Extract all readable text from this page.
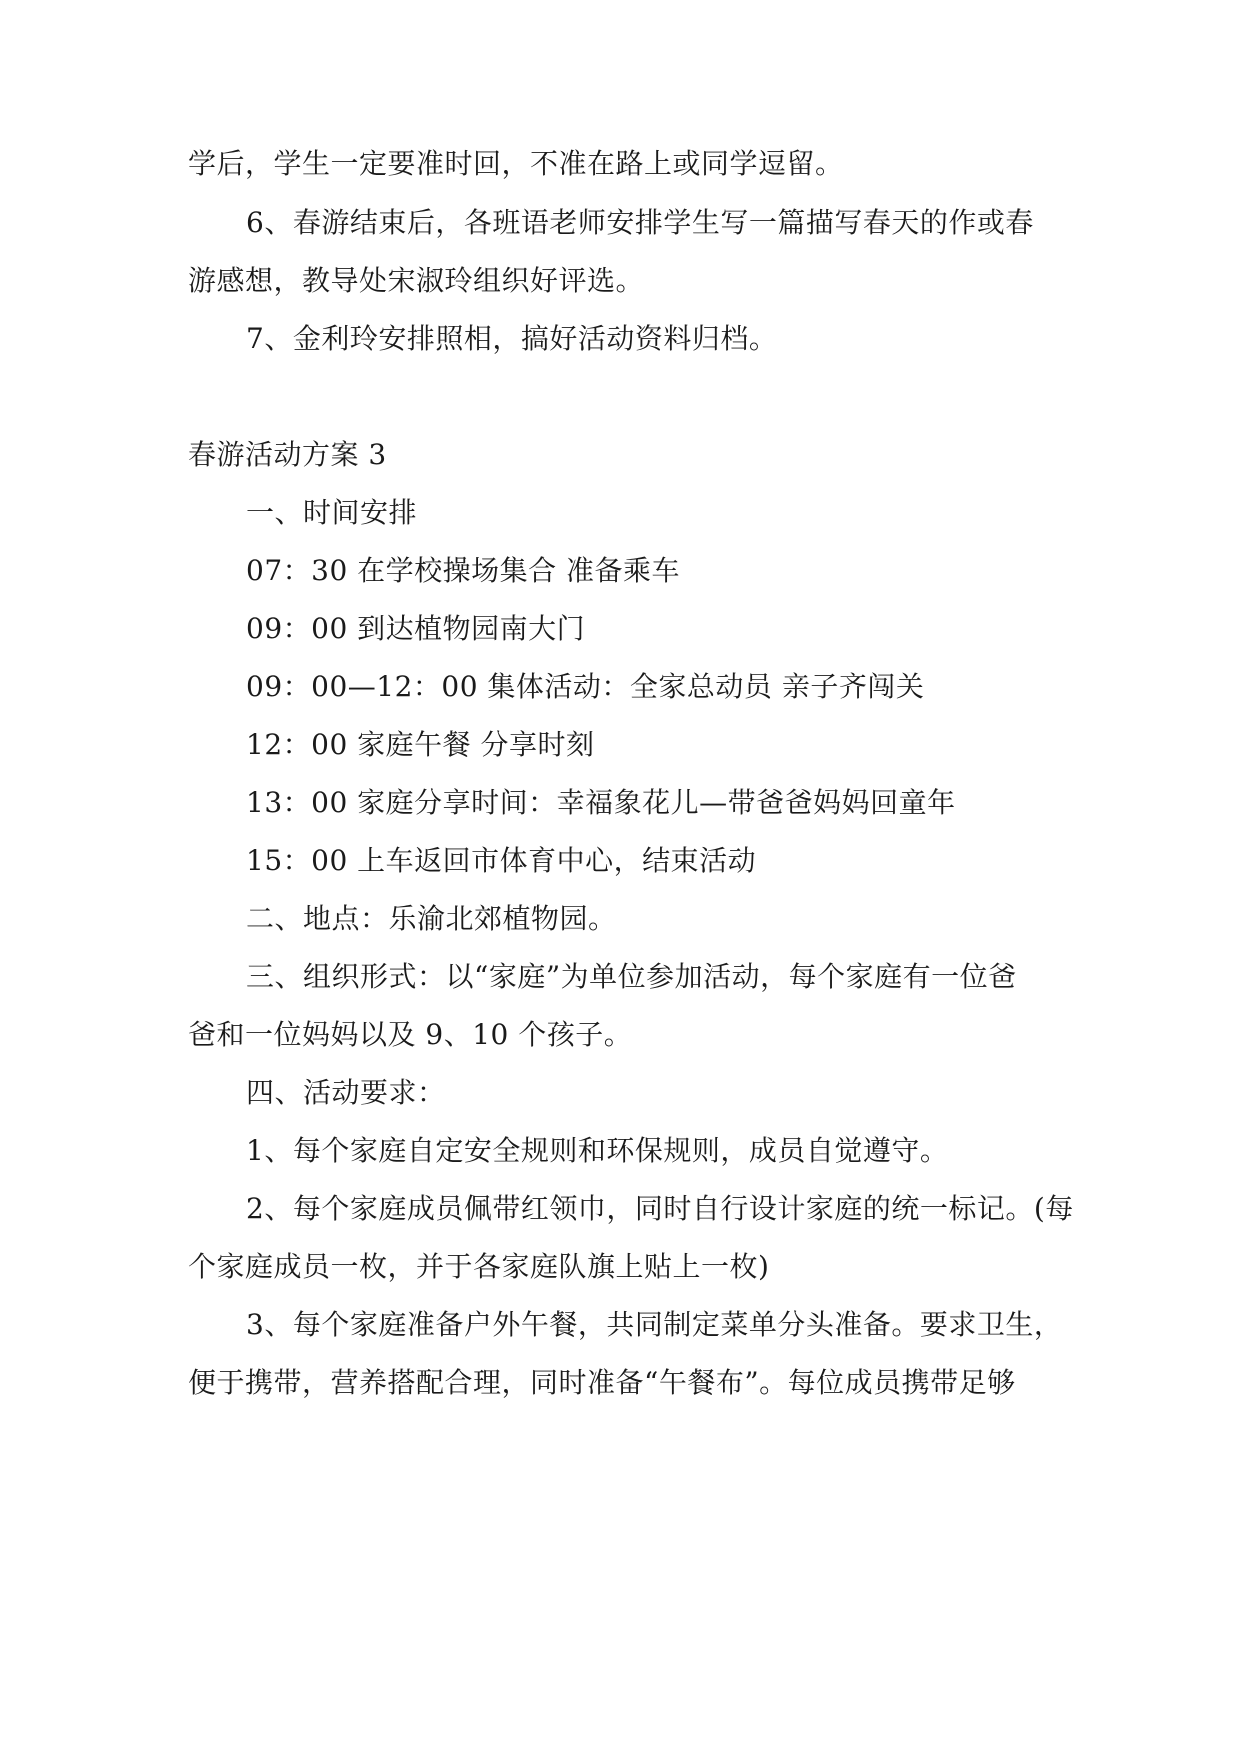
学后，学生一定要准时回，不准在路上或同学逗留。
6、春游结束后，各班语老师安排学生写一篇描写春天的作或春
游感想，教导处宋淑玲组织好评选。
7、金利玲安排照相，搞好活动资料归档。
春游活动方案 3
一、时间安排
07：30 在学校操场集合 准备乘车
09：00 到达植物园南大门
09：00—12：00 集体活动：全家总动员 亲子齐闯关
12：00 家庭午餐 分享时刻
13：00 家庭分享时间：幸福象花儿—带爸爸妈妈回童年
15：00 上车返回市体育中心，结束活动
二、地点：乐渝北郊植物园。
三、组织形式：以“家庭”为单位参加活动，每个家庭有一位爸
爸和一位妈妈以及 9、10 个孩子。
四、活动要求：
1、每个家庭自定安全规则和环保规则，成员自觉遵守。
2、每个家庭成员佩带红领巾，同时自行设计家庭的统一标记。(每
个家庭成员一枚，并于各家庭队旗上贴上一枚)
3、每个家庭准备户外午餐，共同制定菜单分头准备。要求卫生，
便于携带，营养搭配合理，同时准备“午餐布”。每位成员携带足够
